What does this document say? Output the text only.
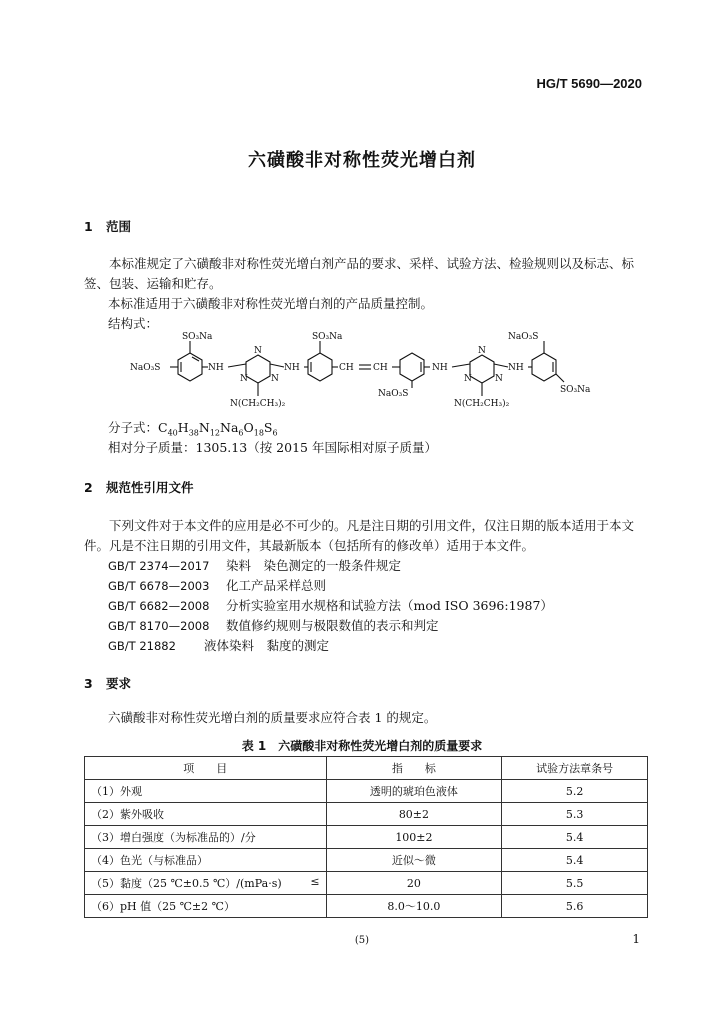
HG/T 5690—2020
六磺酸非对称性荧光增白剂
1 范围
本标准规定了六磺酸非对称性荧光增白剂产品的要求、采样、试验方法、检验规则以及标志、标签、包装、运输和贮存。
本标准适用于六磺酸非对称性荧光增白剂的产品质量控制。
结构式：
NaO₃S
SO₃Na
NH
N
N	N
NH
N(CH₂CH₃)₂
SO₃Na
CH CH
NaO₃S
NH
N
N	N
NH
N(CH₂CH₃)₂
NaO₃S
SO₃Na
分子式：$C_{40}H_{38}N_{12}Na_6O_{18}S_6$
相对分子质量：1305.13（按 2015 年国际相对原子质量）
2 规范性引用文件
下列文件对于本文件的应用是必不可少的。凡是注日期的引用文件，仅注日期的版本适用于本文件。凡是不注日期的引用文件，其最新版本（包括所有的修改单）适用于本文件。
GB/T 2374—2017 染料　染色测定的一般条件规定
GB/T 6678—2003 化工产品采样总则
GB/T 6682—2008 分析实验室用水规格和试验方法（mod ISO 3696:1987）
GB/T 8170—2008 数值修约规则与极限数值的表示和判定
GB/T 21882 液体染料　黏度的测定
3 要求
六磺酸非对称性荧光增白剂的质量要求应符合表 1 的规定。
表 1 六磺酸非对称性荧光增白剂的质量要求
项　　目	指　　标	试验方法章条号
（1）外观	透明的琥珀色液体	5.2
（2）紫外吸收	80±2	5.3
（3）增白强度（为标准品的）/分	100±2	5.4
（4）色光（与标准品）	近似～微	5.4
（5）黏度（25 ℃±0.5 ℃）/(mPa·s) ≤	20	5.5
（6）pH 值（25 ℃±2 ℃）	8.0～10.0	5.6
(5)	1
